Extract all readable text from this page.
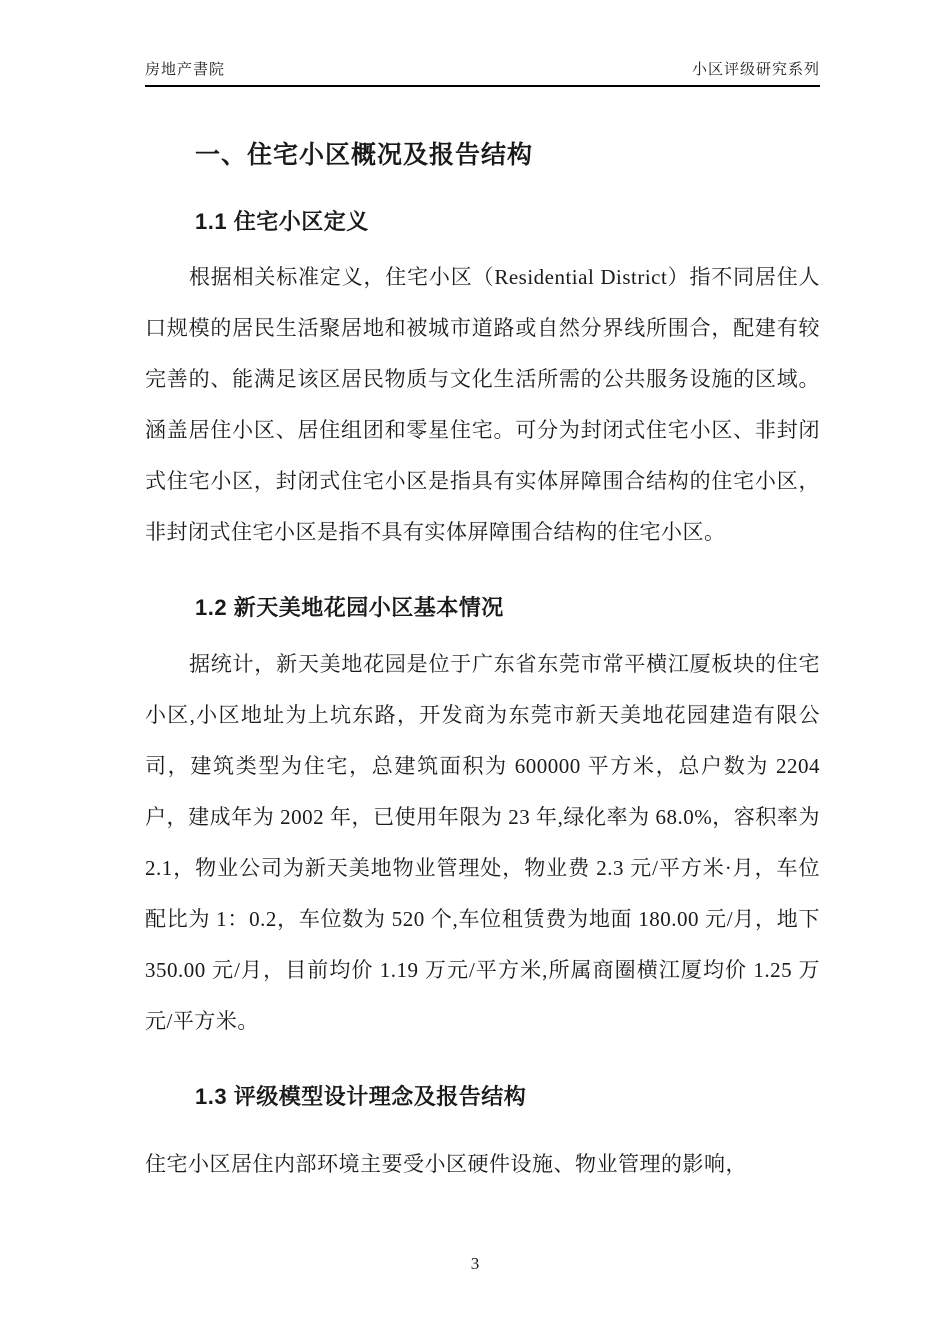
房地产書院	小区评级研究系列
一、住宅小区概况及报告结构
1.1 住宅小区定义

根据相关标准定义，住宅小区（Residential District）指不同居住人口规模的居民生活聚居地和被城市道路或自然分界线所围合，配建有较完善的、能满足该区居民物质与文化生活所需的公共服务设施的区域。涵盖居住小区、居住组团和零星住宅。可分为封闭式住宅小区、非封闭式住宅小区，封闭式住宅小区是指具有实体屏障围合结构的住宅小区，非封闭式住宅小区是指不具有实体屏障围合结构的住宅小区。

1.2 新天美地花园小区基本情况

据统计，新天美地花园是位于广东省东莞市常平横江厦板块的住宅小区,小区地址为上坑东路，开发商为东莞市新天美地花园建造有限公司，建筑类型为住宅，总建筑面积为 600000 平方米，总户数为 2204 户，建成年为 2002 年，已使用年限为 23 年,绿化率为 68.0%，容积率为 2.1，物业公司为新天美地物业管理处，物业费 2.3 元/平方米·月，车位配比为 1：0.2，车位数为 520 个,车位租赁费为地面 180.00 元/月，地下 350.00 元/月，目前均价 1.19 万元/平方米,所属商圈横江厦均价 1.25 万元/平方米。

1.3 评级模型设计理念及报告结构

住宅小区居住内部环境主要受小区硬件设施、物业管理的影响，

3
